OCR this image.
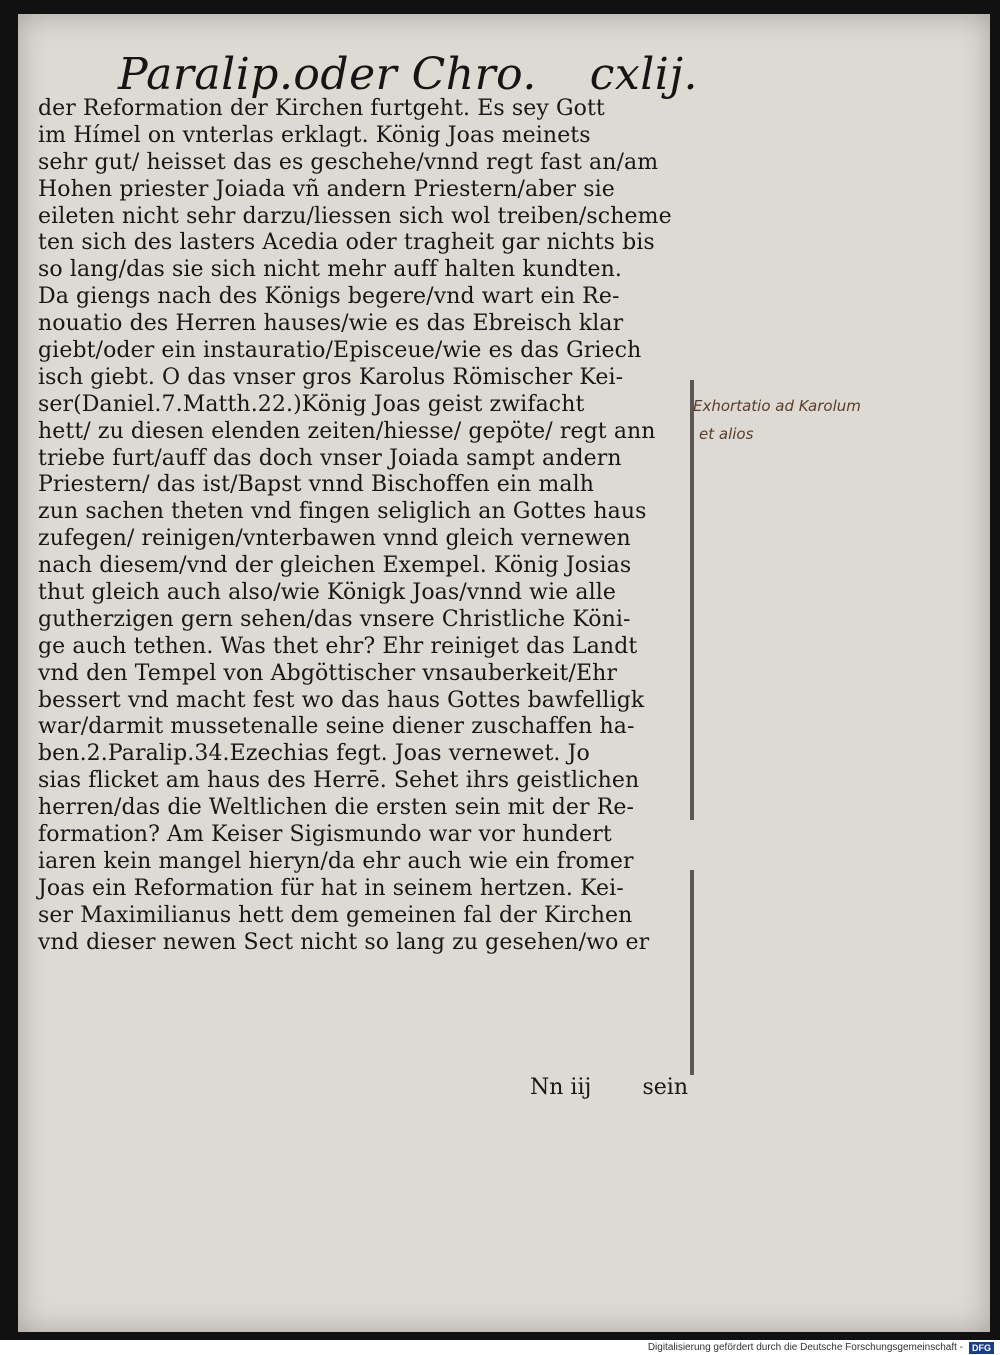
Paralip.oder Chro. cxlij.
der Reformation der Kirchen furtgeht. Es sey Gott
im Hímel on vnterlas erklagt. König Joas meinets
sehr gut/ heisset das es geschehe/vnnd regt fast an/am
Hohen priester Joiada vñ andern Priestern/aber sie
eileten nicht sehr darzu/liessen sich wol treiben/scheme
ten sich des lasters Acedia oder tragheit gar nichts bis
so lang/das sie sich nicht mehr auff halten kundten.
Da giengs nach des Königs begere/vnd wart ein Re-
nouatio des Herren hauses/wie es das Ebreisch klar
giebt/oder ein instauratio/Episceue/wie es das Griech
isch giebt. O das vnser gros Karolus Römischer Kei-
ser(Daniel.7.Matth.22.)König Joas geist zwifacht
hett/ zu diesen elenden zeiten/hiesse/ gepöte/ regt ann
triebe furt/auff das doch vnser Joiada sampt andern
Priestern/ das ist/Bapst vnnd Bischoffen ein malh
zun sachen theten vnd fingen seliglich an Gottes haus
zufegen/ reinigen/vnterbawen vnnd gleich vernewen
nach diesem/vnd der gleichen Exempel. König Josias
thut gleich auch also/wie Königk Joas/vnnd wie alle
gutherzigen gern sehen/das vnsere Christliche Köni-
ge auch tethen. Was thet ehr? Ehr reiniget das Landt
vnd den Tempel von Abgöttischer vnsauberkeit/Ehr
bessert vnd macht fest wo das haus Gottes bawfelligk
war/darmit mussetenalle seine diener zuschaffen ha-
ben.2.Paralip.34.Ezechias fegt. Joas vernewet. Jo
sias flicket am haus des Herrē. Sehet ihrs geistlichen
herren/das die Weltlichen die ersten sein mit der Re-
formation? Am Keiser Sigismundo war vor hundert
iaren kein mangel hieryn/da ehr auch wie ein fromer
Joas ein Reformation für hat in seinem hertzen. Kei-
ser Maximilianus hett dem gemeinen fal der Kirchen
vnd dieser newen Sect nicht so lang zu gesehen/wo er
Nn iij sein
Exhortatio ad Karolum
et alios
Digitalisierung gefördert durch die Deutsche Forschungsgemeinschaft -	DFG
